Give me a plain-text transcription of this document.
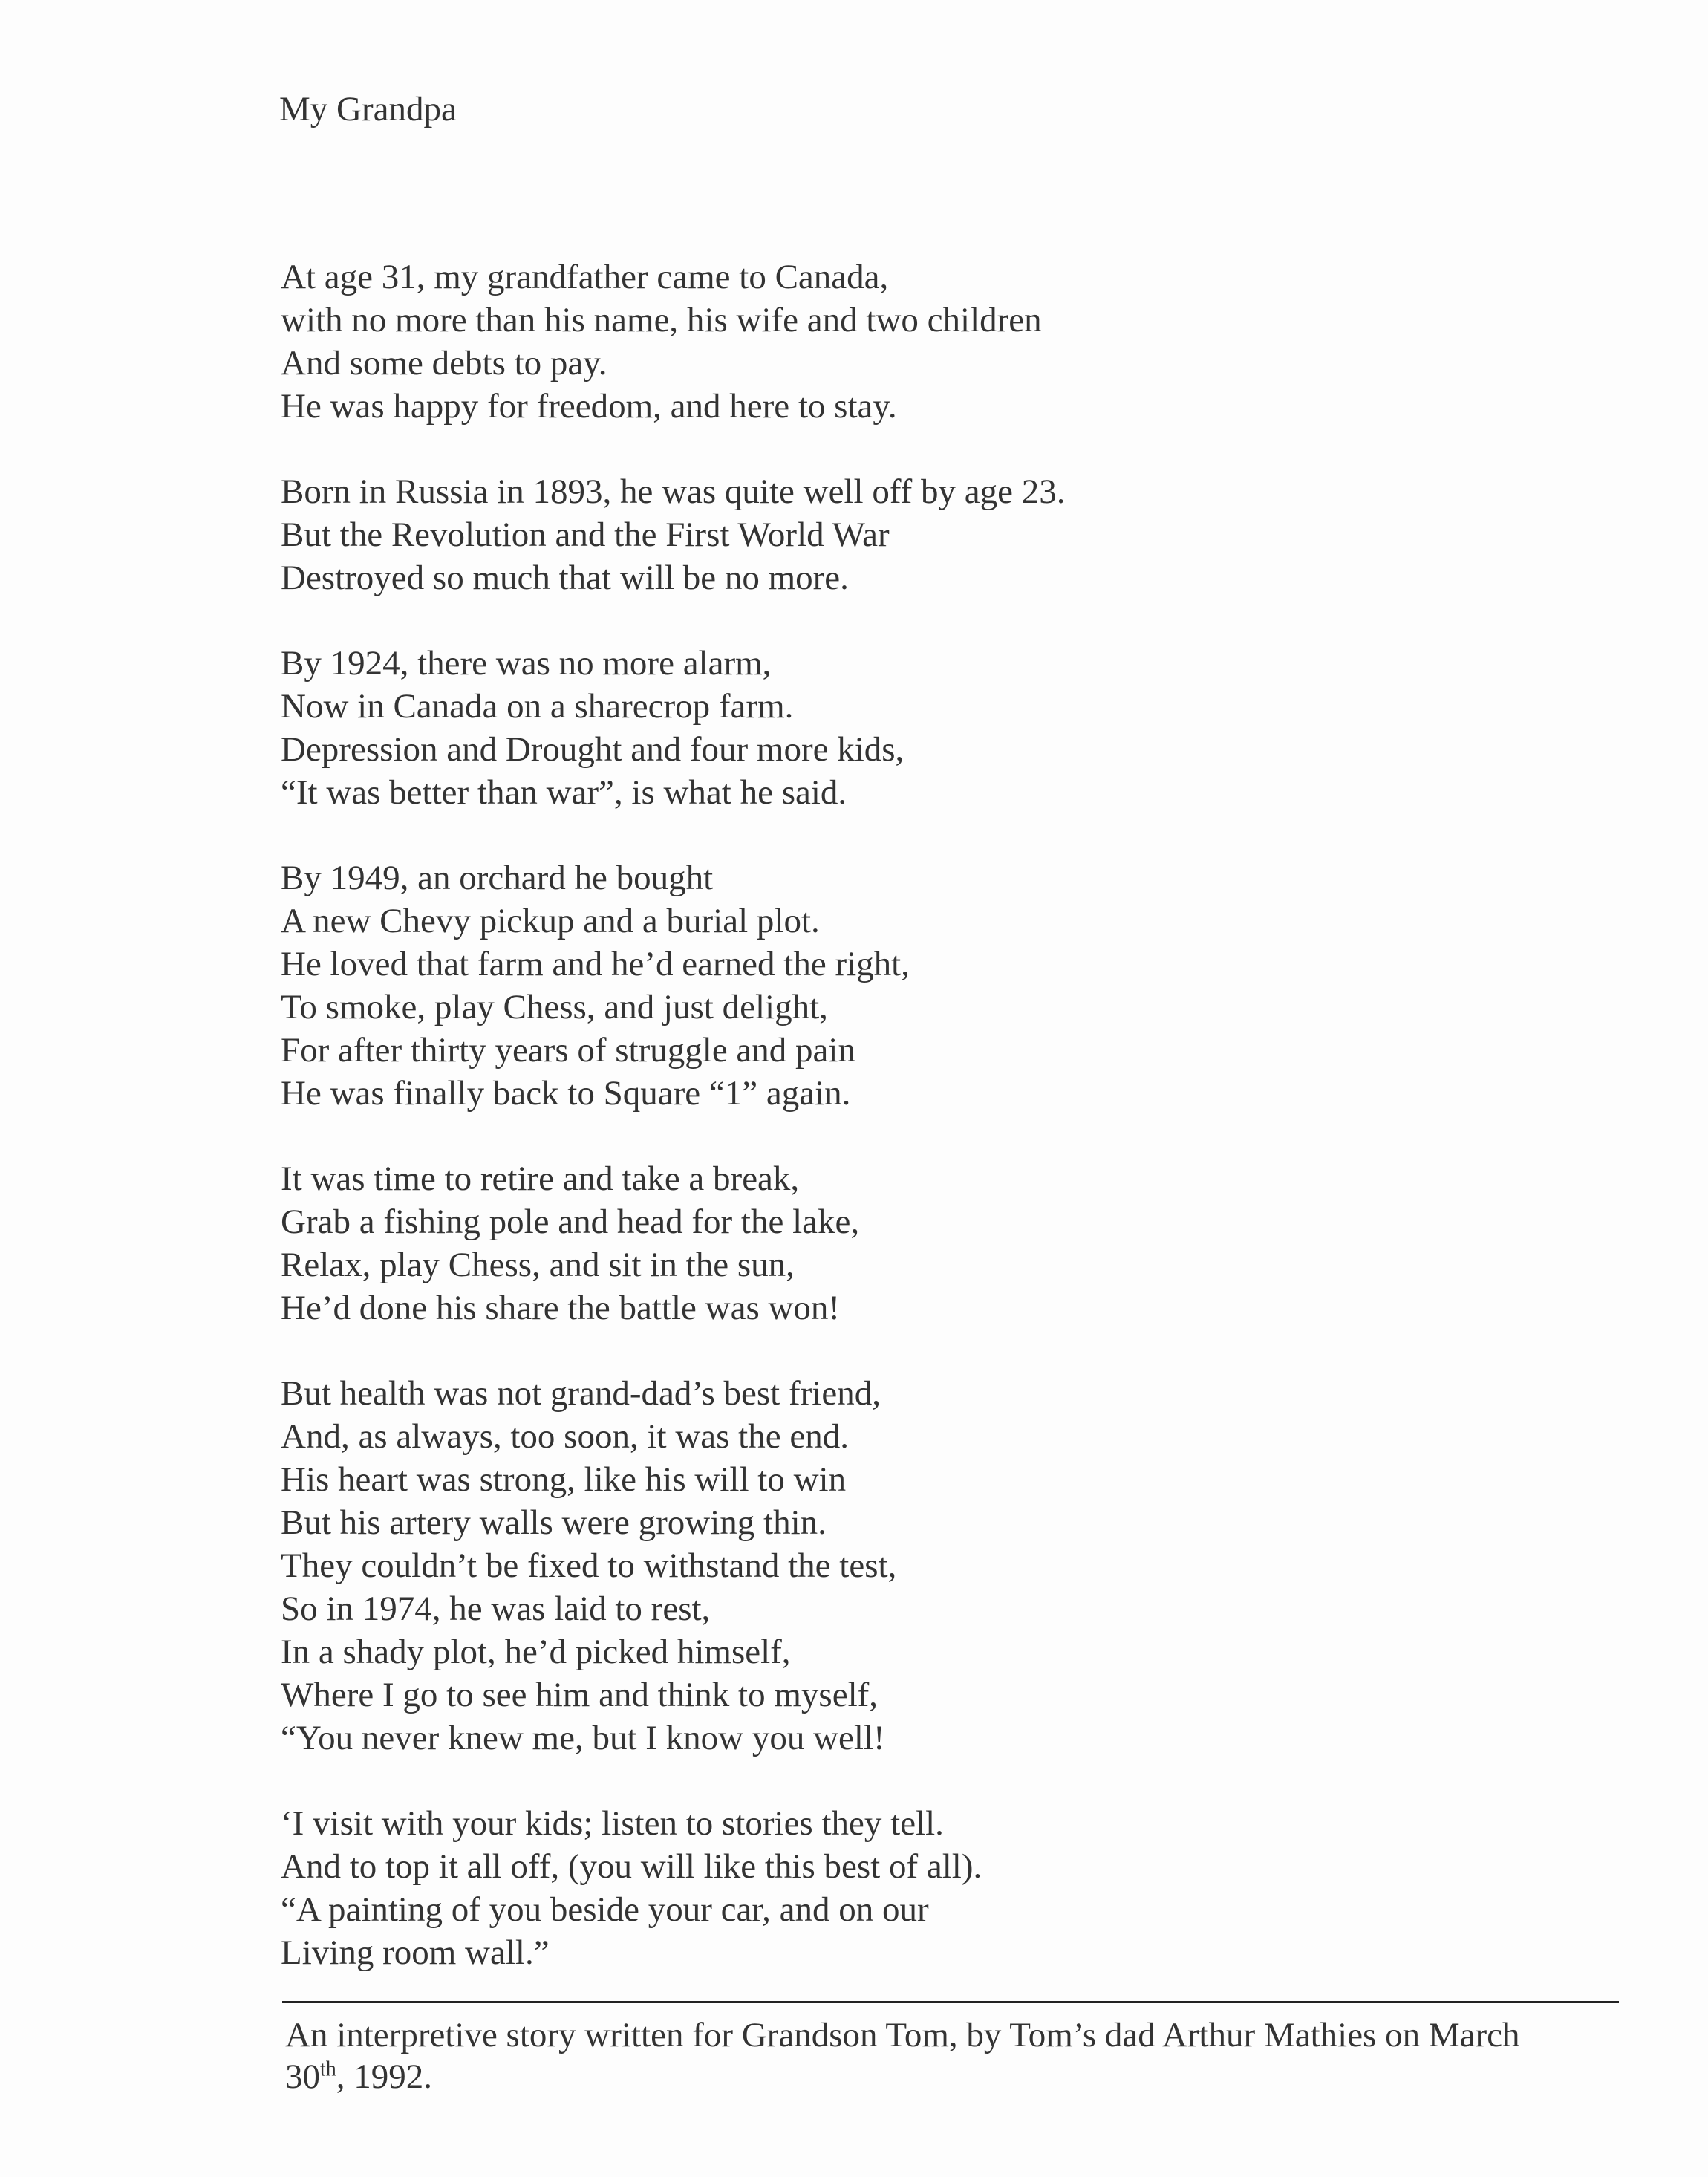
My Grandpa
At age 31, my grandfather came to Canada,
with no more than his name, his wife and two children
And some debts to pay.
He was happy for freedom, and here to stay.
Born in Russia in 1893, he was quite well off by age 23.
But the Revolution and the First World War
Destroyed so much that will be no more.
By 1924, there was no more alarm,
Now in Canada on a sharecrop farm.
Depression and Drought and four more kids,
“It was better than war”, is what he said.
By 1949, an orchard he bought
A new Chevy pickup and a burial plot.
He loved that farm and he’d earned the right,
To smoke, play Chess, and just delight,
For after thirty years of struggle and pain
He was finally back to Square “1” again.
It was time to retire and take a break,
Grab a fishing pole and head for the lake,
Relax, play Chess, and sit in the sun,
He’d done his share the battle was won!
But health was not grand-dad’s best friend,
And, as always, too soon, it was the end.
His heart was strong, like his will to win
But his artery walls were growing thin.
They couldn’t be fixed to withstand the test,
So in 1974, he was laid to rest,
In a shady plot, he’d picked himself,
Where I go to see him and think to myself,
“You never knew me, but I know you well!
‘I visit with your kids; listen to stories they tell.
And to top it all off, (you will like this best of all).
“A painting of you beside your car, and on our
Living room wall.”
An interpretive story written for Grandson Tom, by Tom’s dad Arthur Mathies on March
30th, 1992.
